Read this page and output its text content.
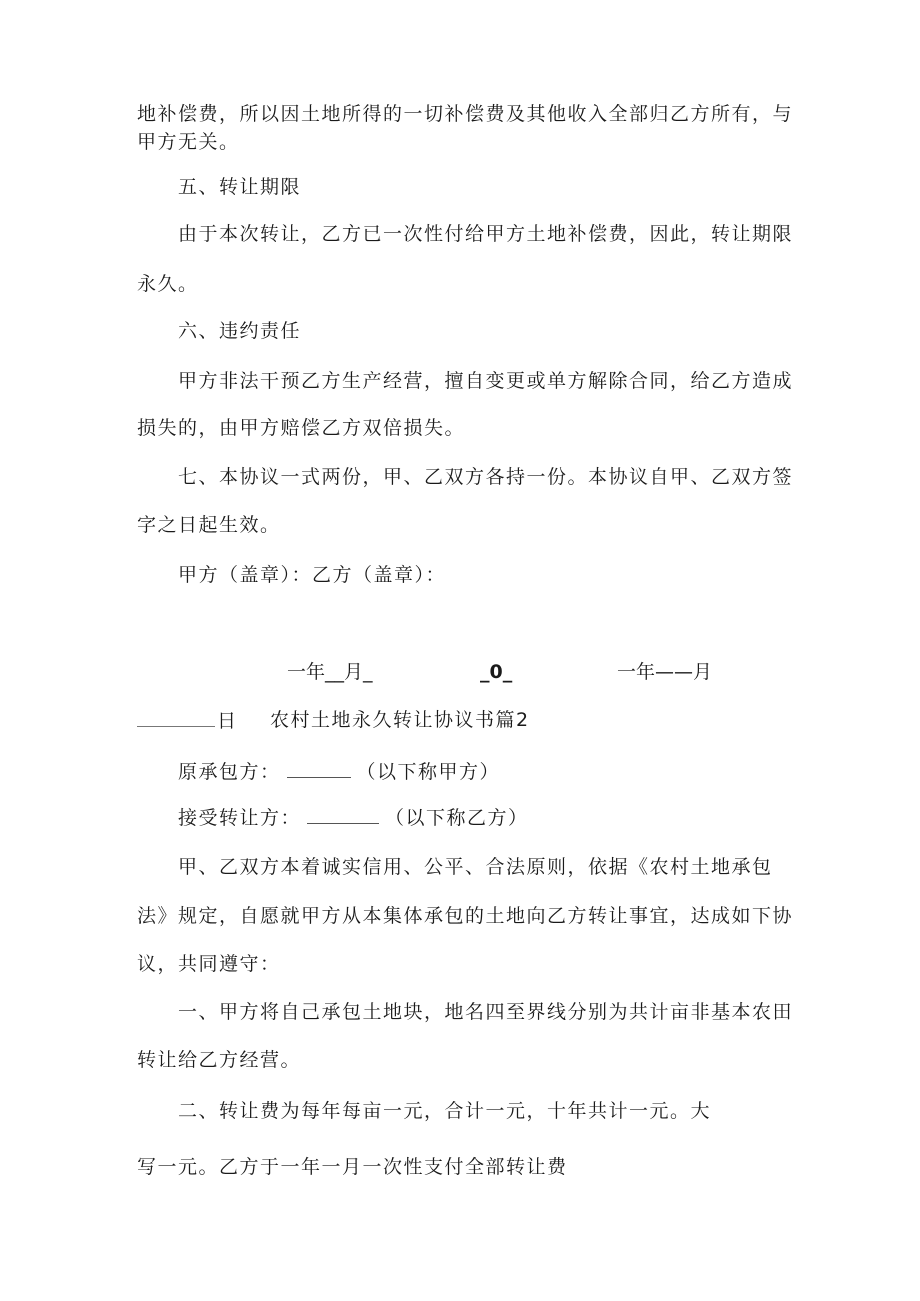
地补偿费，所以因土地所得的一切补偿费及其他收入全部归乙方所有，与
甲方无关。
五、转让期限
由于本次转让，乙方已一次性付给甲方土地补偿费，因此，转让期限
永久。
六、违约责任
甲方非法干预乙方生产经营，擅自变更或单方解除合同，给乙方造成
损失的，由甲方赔偿乙方双倍损失。
七、本协议一式两份，甲、乙双方各持一份。本协议自甲、乙双方签
字之日起生效。
甲方（盖章）：乙方（盖章）：
一年__月_	_0_	一年——月
日 农村土地永久转让协议书篇2
原承包方：	（以下称甲方）
接受转让方：	（以下称乙方）
甲、乙双方本着诚实信用、公平、合法原则，依据《农村土地承包
法》规定，自愿就甲方从本集体承包的土地向乙方转让事宜，达成如下协
议，共同遵守：
一、甲方将自己承包土地块，地名四至界线分别为共计亩非基本农田
转让给乙方经营。
二、转让费为每年每亩一元，合计一元，十年共计一元。大
写一元。乙方于一年一月一次性支付全部转让费
